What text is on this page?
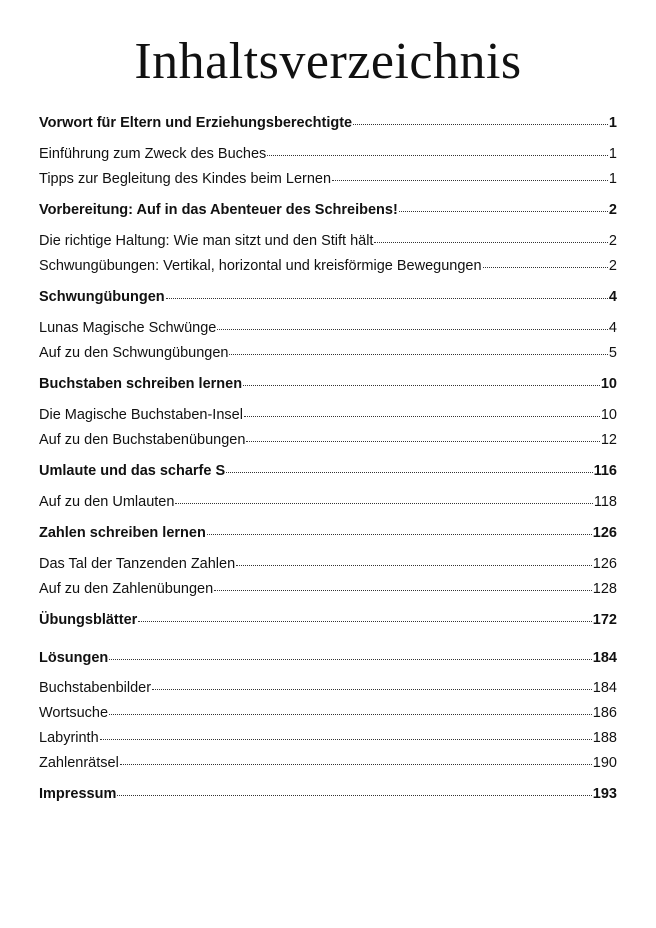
Inhaltsverzeichnis
Vorwort für Eltern und Erziehungsberechtigte	1
Einführung zum Zweck des Buches	1
Tipps zur Begleitung des Kindes beim Lernen	1
Vorbereitung: Auf in das Abenteuer des Schreibens!	2
Die richtige Haltung: Wie man sitzt und den Stift hält	2
Schwungübungen: Vertikal, horizontal und kreisförmige Bewegungen	2
Schwungübungen	4
Lunas Magische Schwünge	4
Auf zu den Schwungübungen	5
Buchstaben schreiben lernen	10
Die Magische Buchstaben-Insel	10
Auf zu den Buchstabenübungen	12
Umlaute und das scharfe S	116
Auf zu den Umlauten	118
Zahlen schreiben lernen	126
Das Tal der Tanzenden Zahlen	126
Auf zu den Zahlenübungen	128
Übungsblätter	172
Lösungen	184
Buchstabenbilder	184
Wortsuche	186
Labyrinth	188
Zahlenrätsel	190
Impressum	193
